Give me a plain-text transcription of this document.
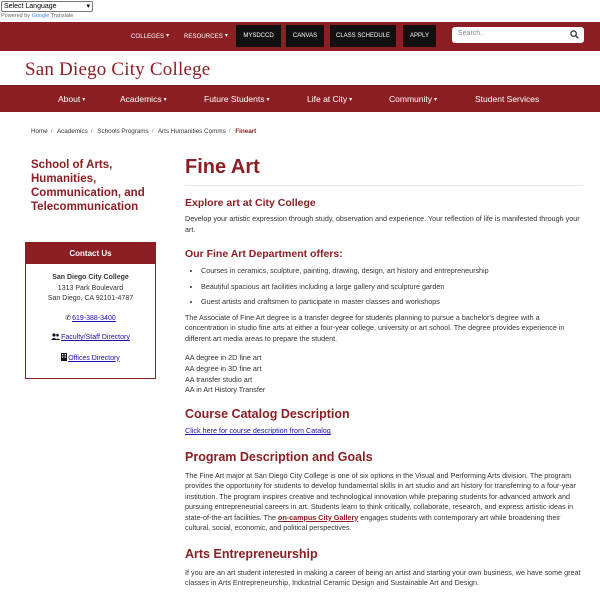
Select Language ▾
Powered by Google Translate
COLLEGES ▾ RESOURCES ▾	MYSDCCD	CANVAS	CLASS SCHEDULE	APPLY	Search..
San Diego City College
About ▾	Academics ▾	Future Students ▾	Life at City ▾	Community ▾	Student Services
Home / Academics / Schools Programs / Arts Humanities Comms / Fineart
School of Arts, Humanities, Communication, and Telecommunication
Contact Us
San Diego City College
1313 Park Boulevard
San Diego, CA 92101-4787
✆619-388-3400
Faculty/Staff Directory
Offices Directory
Fine Art
Explore art at City College

Develop your artistic expression through study, observation and experience. Your reflection of life is manifested through your art.

Our Fine Art Department offers:
• Courses in ceramics, sculpture, painting, drawing, design, art history and entrepreneurship
• Beautiful spacious art facilities including a large gallery and sculpture garden
• Guest artists and craftsmen to participate in master classes and workshops

The Associate of Fine Art degree is a transfer degree for students planning to pursue a bachelor's degree with a concentration in studio fine arts at either a four-year college, university or art school. The degree provides experience in different art media areas to prepare the student.

AA degree in 2D fine art
AA degree in 3D fine art
AA transfer studio art
AA in Art History Transfer
Course Catalog Description

Click here for course description from Catalog

Program Description and Goals

The Fine Art major at San Diego City College is one of six options in the Visual and Performing Arts division. The program provides the opportunity for students to develop fundamental skills in art studio and art history for transferring to a four-year institution. The program inspires creative and technological innovation while preparing students for advanced artwork and pursuing entrepreneurial careers in art. Students learn to think critically, collaborate, research, and express artistic ideas in state-of-the-art facilities. The on-campus City Gallery engages students with contemporary art while broadening their cultural, social, economic, and political perspectives.

Arts Entrepreneurship

If you are an art student interested in making a career of being an artist and starting your own business, we have some great classes in Arts Entrepreneurship, Industrial Ceramic Design and Sustainable Art and Design.
